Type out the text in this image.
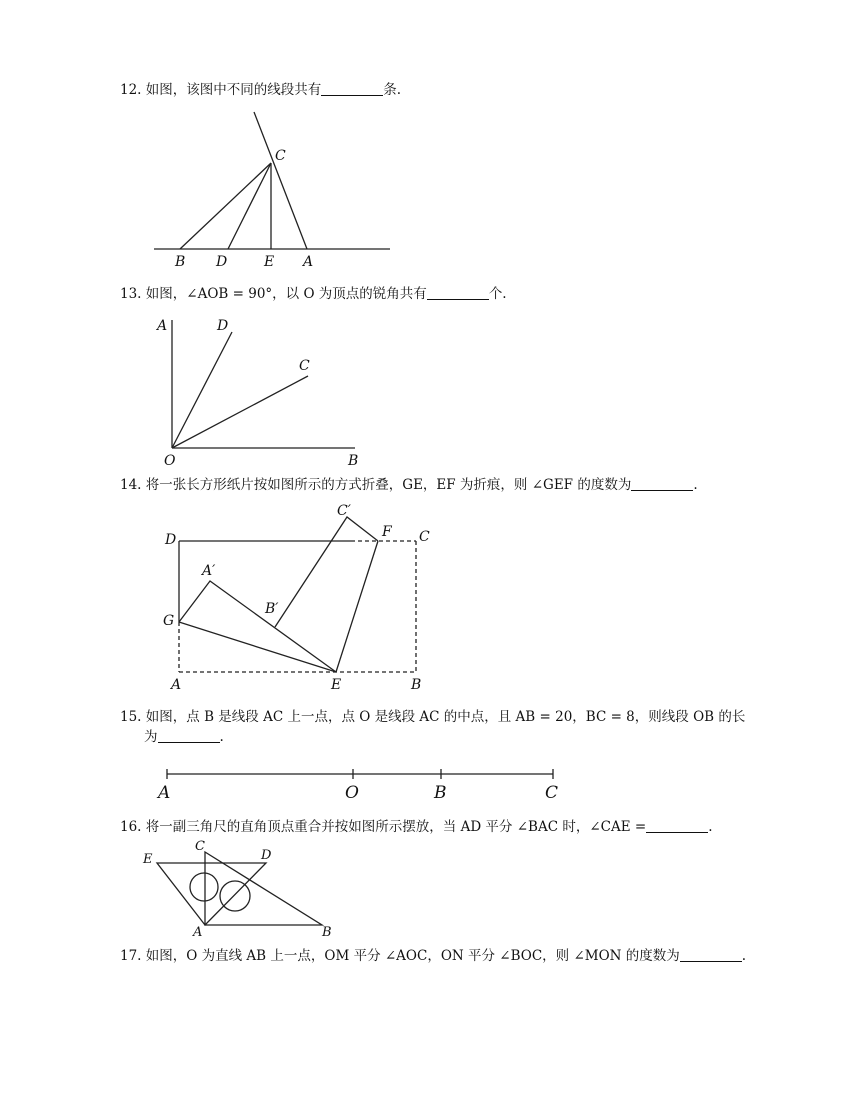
12. 如图，该图中不同的线段共有	条.
C
B D	E A
13. 如图，∠AOB = 90°，以 O 为顶点的锐角共有	个.
A	D
C
O	B
14. 将一张长方形纸片按如图所示的方式折叠，GE，EF 为折痕，则 ∠GEF 的度数为	.
C′
F C
D
A′
B′
G
A	E	B
15. 如图，点 B 是线段 AC 上一点，点 O 是线段 AC 的中点，且 AB = 20，BC = 8，则线段 OB 的长
为	.
A	O	B	C
16. 将一副三角尺的直角顶点重合并按如图所示摆放，当 AD 平分 ∠BAC 时，∠CAE =	.
E
C
D
A	B
17. 如图，O 为直线 AB 上一点，OM 平分 ∠AOC，ON 平分 ∠BOC，则 ∠MON 的度数为	.
